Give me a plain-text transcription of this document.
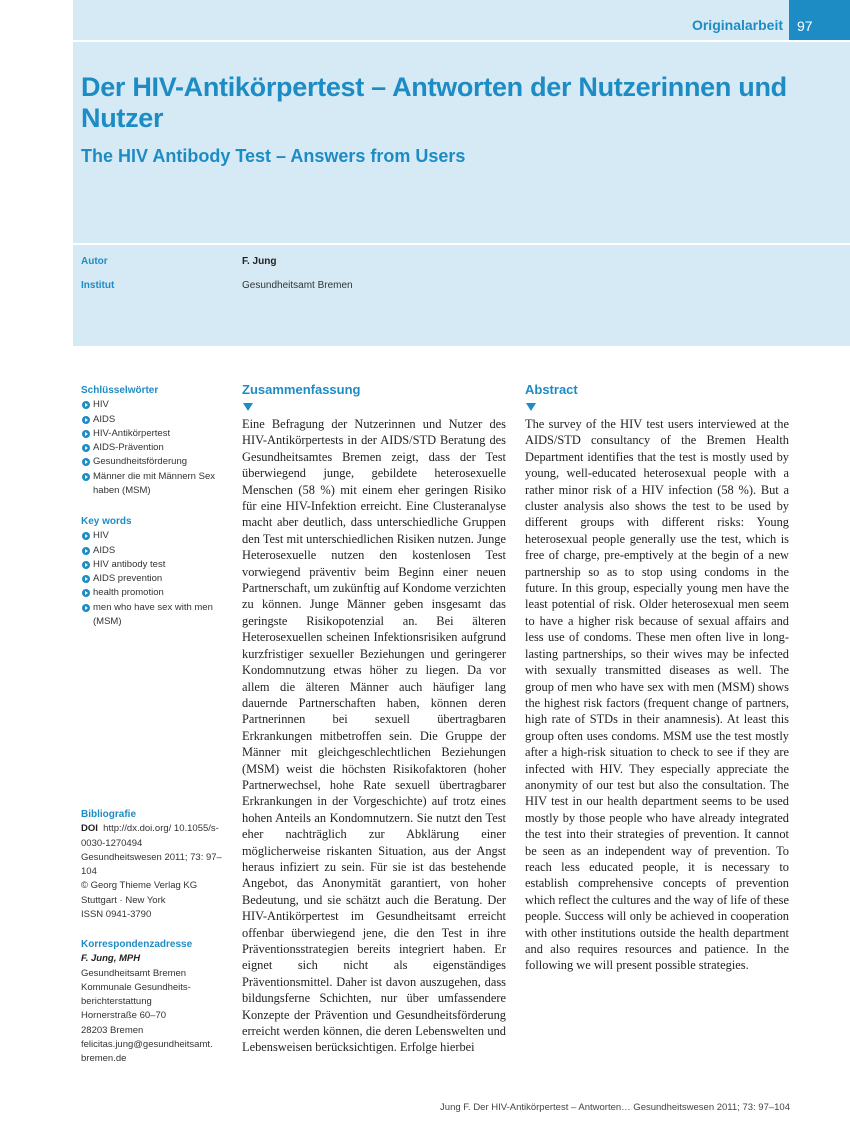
Originalarbeit	97
Der HIV-Antikörpertest – Antworten der Nutzerinnen und Nutzer
The HIV Antibody Test – Answers from Users
Autor	F. Jung
Institut	Gesundheitsamt Bremen
Schlüsselwörter
HIV
AIDS
HIV-Antikörpertest
AIDS-Prävention
Gesundheitsförderung
Männer die mit Männern Sex haben (MSM)
Key words
HIV
AIDS
HIV antibody test
AIDS prevention
health promotion
men who have sex with men (MSM)
Bibliografie

DOI http://dx.doi.org/ 10.1055/s-0030-1270494

Gesundheitswesen 2011; 73: 97–104

© Georg Thieme Verlag KG Stuttgart · New York

ISSN 0941-3790

Korrespondenzadresse

F. Jung, MPH

Gesundheitsamt Bremen

Kommunale Gesundheits-

berichterstattung

Hornerstraße 60–70

28203 Bremen

felicitas.jung@gesundheitsamt.

bremen.de

Zusammenfassung
Eine Befragung der Nutzerinnen und Nutzer des HIV-Antikörpertests in der AIDS/STD Beratung des Gesundheitsamtes Bremen zeigt, dass der Test überwiegend junge, gebildete heterosexuelle Menschen (58 %) mit einem eher geringen Risiko für eine HIV-Infektion erreicht. Eine Clusteranalyse macht aber deutlich, dass unterschiedliche Gruppen den Test mit unterschiedlichen Risiken nutzen. Junge Heterosexuelle nutzen den kostenlosen Test vorwiegend präventiv beim Beginn einer neuen Partnerschaft, um zukünftig auf Kondome verzichten zu können. Junge Männer geben insgesamt das geringste Risikopotenzial an. Bei älteren Heterosexuellen scheinen Infektionsrisiken aufgrund kurzfristiger sexueller Beziehungen und geringerer Kondomnutzung etwas höher zu liegen. Da vor allem die älteren Männer auch häufiger lang dauernde Partnerschaften haben, können deren Partnerinnen bei sexuell übertragbaren Erkrankungen mitbetroffen sein. Die Gruppe der Männer mit gleichgeschlechtlichen Beziehungen (MSM) weist die höchsten Risikofaktoren (hoher Partnerwechsel, hohe Rate sexuell übertragbarer Erkrankungen in der Vorgeschichte) auf trotz eines hohen Anteils an Kondomnutzern. Sie nutzt den Test eher nachträglich zur Abklärung einer möglicherweise riskanten Situation, aus der Angst heraus infiziert zu sein. Für sie ist das bestehende Angebot, das Anonymität garantiert, von hoher Bedeutung, und sie schätzt auch die Beratung. Der HIV-Antikörpertest im Gesundheitsamt erreicht offenbar überwiegend jene, die den Test in ihre Präventionsstrategien bereits integriert haben. Er eignet sich nicht als eigenständiges Präventionsmittel. Daher ist davon auszugehen, dass bildungsferne Schichten, nur über umfassendere Konzepte der Prävention und Gesundheitsförderung erreicht werden können, die deren Lebenswelten und Lebensweisen berücksichtigen. Erfolge hierbei
Abstract
The survey of the HIV test users interviewed at the AIDS/STD consultancy of the Bremen Health Department identifies that the test is mostly used by young, well-educated heterosexual people with a rather minor risk of a HIV infection (58 %). But a cluster analysis also shows the test to be used by different groups with different risks: Young heterosexual people generally use the test, which is free of charge, pre-emptively at the begin of a new partnership so as to stop using condoms in the future. In this group, especially young men have the least potential of risk. Older heterosexual men seem to have a higher risk because of sexual affairs and less use of condoms. These men often live in long-lasting partnerships, so their wives may be infected with sexually transmitted diseases as well. The group of men who have sex with men (MSM) shows the highest risk factors (frequent change of partners, high rate of STDs in their anamnesis). At least this group often uses condoms. MSM use the test mostly after a high-risk situation to check to see if they are infected with HIV. They especially appreciate the anonymity of our test but also the consultation. The HIV test in our health department seems to be used mostly by those people who have already integrated the test into their strategies of prevention. It cannot be seen as an independent way of prevention. To reach less educated people, it is necessary to establish comprehensive concepts of prevention which reflect the cultures and the way of life of these people. Success will only be achieved in cooperation with other institutions outside the health department and also requires resources and patience. In the following we will present possible strategies.
Jung F. Der HIV-Antikörpertest – Antworten… Gesundheitswesen 2011; 73: 97–104
